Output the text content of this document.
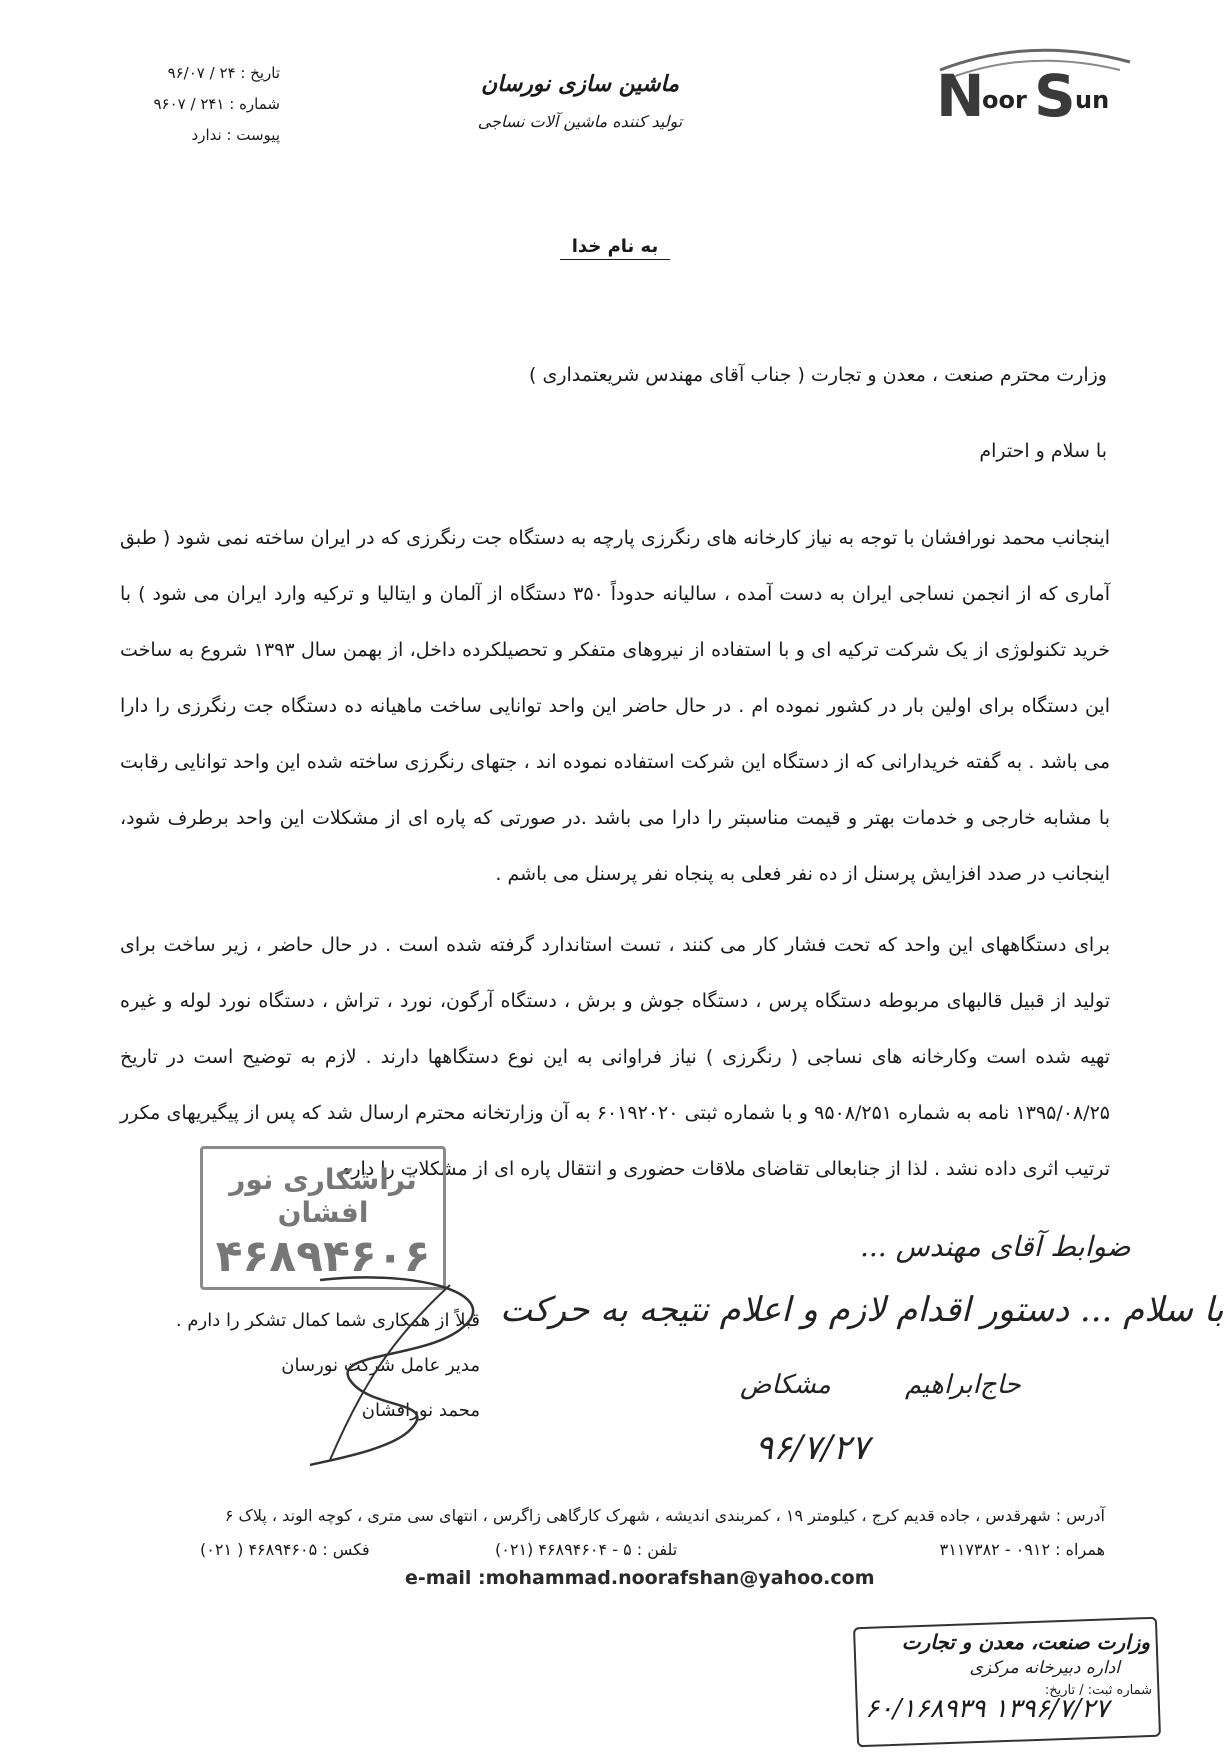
N
oor S un
ماشین سازی نورسان
تولید کننده ماشین آلات نساجی
تاریخ : ۲۴ / ۹۶/۰۷
شماره : ۲۴۱ / ۹۶۰۷
پیوست : ندارد
به نام خدا
وزارت محترم صنعت ، معدن و تجارت ( جناب آقای مهندس شریعتمداری )
با سلام و احترام
اینجانب محمد نورافشان با توجه به نیاز کارخانه های رنگرزی پارچه به دستگاه جت رنگرزی که در ایران ساخته نمی شود ( طبق آماری که از انجمن نساجی ایران به دست آمده ، سالیانه حدوداً ۳۵۰ دستگاه از آلمان و ایتالیا و ترکیه وارد ایران می شود ) با خرید تکنولوژی از یک شرکت ترکیه ای و با استفاده از نیروهای متفکر و تحصیلکرده داخل، از بهمن سال ۱۳۹۳ شروع به ساخت این دستگاه برای اولین بار در کشور نموده ام . در حال حاضر این واحد توانایی ساخت ماهیانه ده دستگاه جت رنگرزی را دارا می باشد . به گفته خریدارانی که از دستگاه این شرکت استفاده نموده اند ، جتهای رنگرزی ساخته شده این واحد توانایی رقابت با مشابه خارجی و خدمات بهتر و قیمت مناسبتر را دارا می باشد .در صورتی که پاره ای از مشکلات این واحد برطرف شود، اینجانب در صدد افزایش پرسنل از ده نفر فعلی به پنجاه نفر پرسنل می باشم .
برای دستگاههای این واحد که تحت فشار کار می کنند ، تست استاندارد گرفته شده است . در حال حاضر ، زیر ساخت برای تولید از قبیل قالبهای مربوطه دستگاه پرس ، دستگاه جوش و برش ، دستگاه آرگون، نورد ، تراش ، دستگاه نورد لوله و غیره تهیه شده است وکارخانه های نساجی ( رنگرزی ) نیاز فراوانی به این نوع دستگاهها دارند . لازم به توضیح است در تاریخ ۱۳۹۵/۰۸/۲۵ نامه به شماره ۹۵۰۸/۲۵۱ و با شماره ثبتی ۶۰۱۹۲۰۲۰ به آن وزارتخانه محترم ارسال شد که پس از پیگیریهای مکرر ترتیب اثری داده نشد . لذا از جنابعالی تقاضای ملاقات حضوری و انتقال پاره ای از مشکلات را دارم .
تراشکاری نور افشان
۴۶۸۹۴۶۰۶
قبلاً از همکاری شما کمال تشکر را دارم .
مدیر عامل شرکت نورسان
محمد نورافشان
ضوابط آقای مهندس ...
با سلام ... دستور اقدام لازم و اعلام نتیجه به حرکت
مشکاض	حاج‌ابراهیم
۹۶/۷/۲۷
آدرس : شهرقدس ، جاده قدیم کرج ، کیلومتر ۱۹ ، کمربندی اندیشه ، شهرک کارگاهی زاگرس ، انتهای سی متری ، کوچه الوند ، پلاک ۶
همراه : ۰۹۱۲ - ۳۱۱۷۳۸۲
تلفن : ۵ - ۴۶۸۹۴۶۰۴ (۰۲۱)
فکس : ۴۶۸۹۴۶۰۵ ( ۰۲۱)
e-mail :mohammad.noorafshan@yahoo.com
وزارت صنعت، معدن و تجارت
اداره دبیرخانه مرکزی
شماره ثبت: / تاریخ:
۶۰/۱۶۸۹۳۹ ۱۳۹۶/۷/۲۷
